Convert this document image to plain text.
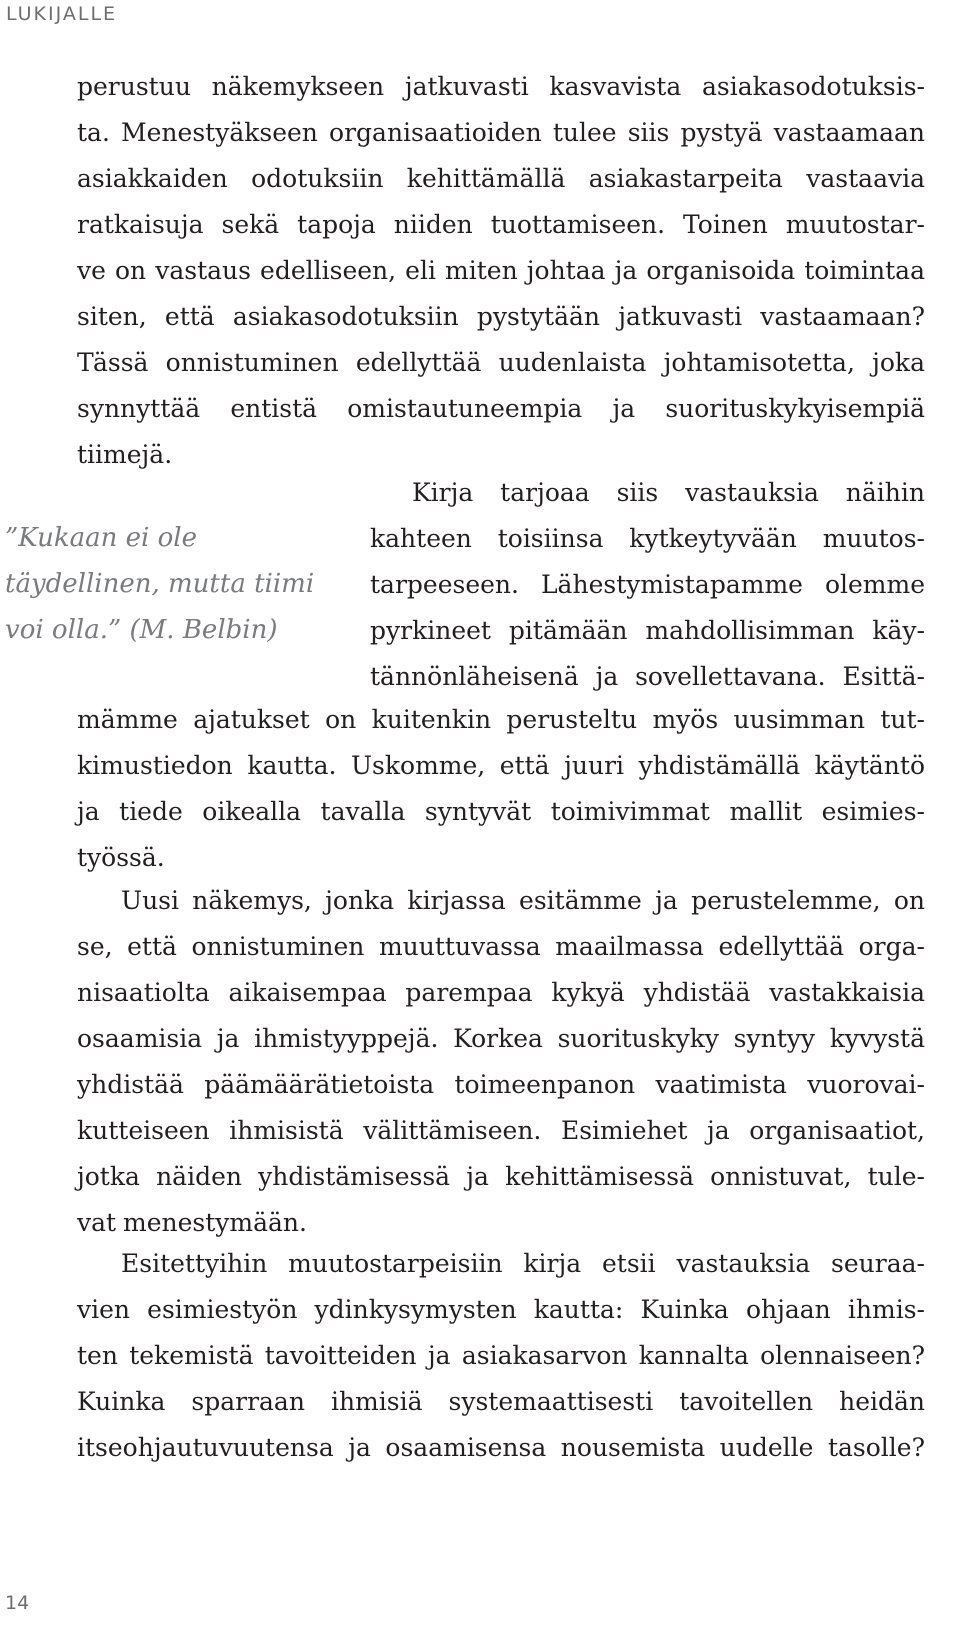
LUKIJALLE
perustuu näkemykseen jatkuvasti kasvavista asiakasodotuksis-
ta. Menestyäkseen organisaatioiden tulee siis pystyä vastaamaan
asiakkaiden odotuksiin kehittämällä asiakastarpeita vastaavia
ratkaisuja sekä tapoja niiden tuottamiseen. Toinen muutostar-
ve on vastaus edelliseen, eli miten johtaa ja organisoida toimintaa
siten, että asiakasodotuksiin pystytään jatkuvasti vastaamaan?
Tässä onnistuminen edellyttää uudenlaista johtamisotetta, joka
synnyttää entistä omistautuneempia ja suorituskykyisempiä
tiimejä.
”Kukaan ei ole
täydellinen, mutta tiimi
voi olla.” (M. Belbin)
Kirja tarjoaa siis vastauksia näihin
kahteen toisiinsa kytkeytyvään muutos-
tarpeeseen. Lähestymistapamme olemme
pyrkineet pitämään mahdollisimman käy-
tännönläheisenä ja sovellettavana. Esittä-
mämme ajatukset on kuitenkin perusteltu myös uusimman tut-
kimustiedon kautta. Uskomme, että juuri yhdistämällä käytäntö
ja tiede oikealla tavalla syntyvät toimivimmat mallit esimies-
työssä.
Uusi näkemys, jonka kirjassa esitämme ja perustelemme, on
se, että onnistuminen muuttuvassa maailmassa edellyttää orga-
nisaatiolta aikaisempaa parempaa kykyä yhdistää vastakkaisia
osaamisia ja ihmistyyppejä. Korkea suorituskyky syntyy kyvystä
yhdistää päämäärätietoista toimeenpanon vaatimista vuorovai-
kutteiseen ihmisistä välittämiseen. Esimiehet ja organisaatiot,
jotka näiden yhdistämisessä ja kehittämisessä onnistuvat, tule-
vat menestymään.
Esitettyihin muutostarpeisiin kirja etsii vastauksia seuraa-
vien esimiestyön ydinkysymysten kautta: Kuinka ohjaan ihmis-
ten tekemistä tavoitteiden ja asiakasarvon kannalta olennaiseen?
Kuinka sparraan ihmisiä systemaattisesti tavoitellen heidän
itseohjautuvuutensa ja osaamisensa nousemista uudelle tasolle?
14
